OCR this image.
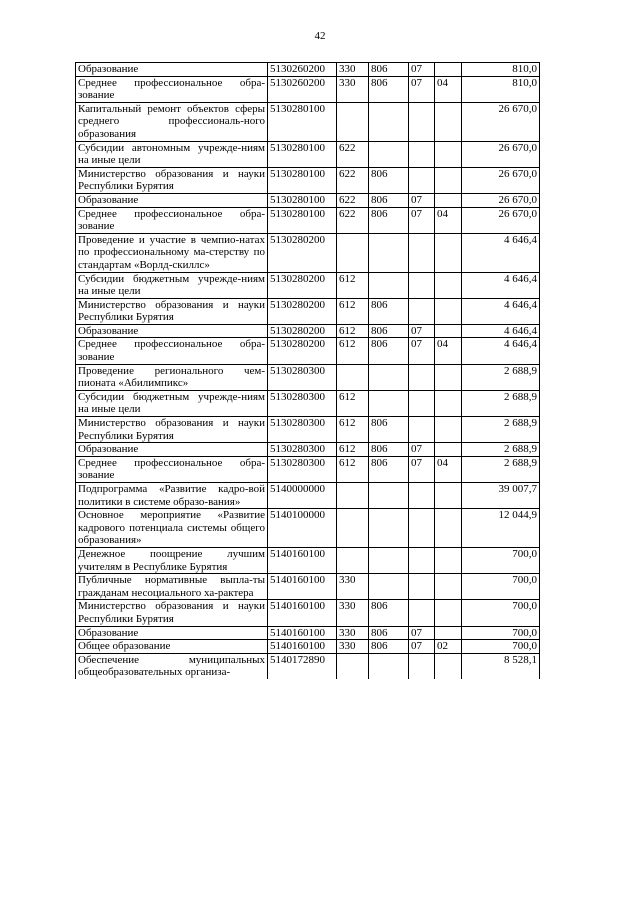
42
Образование	5130260200	330	806	07		810,0
Среднее профессиональное обра-зование	5130260200	330	806	07	04	810,0
Капитальный ремонт объектов сферы среднего профессиональ-ного образования	5130280100					26 670,0
Субсидии автономным учрежде-ниям на иные цели	5130280100	622				26 670,0
Министерство образования и науки Республики Бурятия	5130280100	622	806			26 670,0
Образование	5130280100	622	806	07		26 670,0
Среднее профессиональное обра-зование	5130280100	622	806	07	04	26 670,0
Проведение и участие в чемпио-натах по профессиональному ма-стерству по стандартам «Ворлд-скиллс»	5130280200					4 646,4
Субсидии бюджетным учрежде-ниям на иные цели	5130280200	612				4 646,4
Министерство образования и науки Республики Бурятия	5130280200	612	806			4 646,4
Образование	5130280200	612	806	07		4 646,4
Среднее профессиональное обра-зование	5130280200	612	806	07	04	4 646,4
Проведение регионального чем-пионата «Абилимпикс»	5130280300					2 688,9
Субсидии бюджетным учрежде-ниям на иные цели	5130280300	612				2 688,9
Министерство образования и науки Республики Бурятия	5130280300	612	806			2 688,9
Образование	5130280300	612	806	07		2 688,9
Среднее профессиональное обра-зование	5130280300	612	806	07	04	2 688,9
Подпрограмма «Развитие кадро-вой политики в системе образо-вания»	5140000000					39 007,7
Основное мероприятие «Развитие кадрового потенциала системы общего образования»	5140100000					12 044,9
Денежное поощрение лучшим учителям в Республике Бурятия	5140160100					700,0
Публичные нормативные выпла-ты гражданам несоциального ха-рактера	5140160100	330				700,0
Министерство образования и науки Республики Бурятия	5140160100	330	806			700,0
Образование	5140160100	330	806	07		700,0
Общее образование	5140160100	330	806	07	02	700,0
Обеспечение муниципальных общеобразовательных организа-	5140172890					8 528,1
